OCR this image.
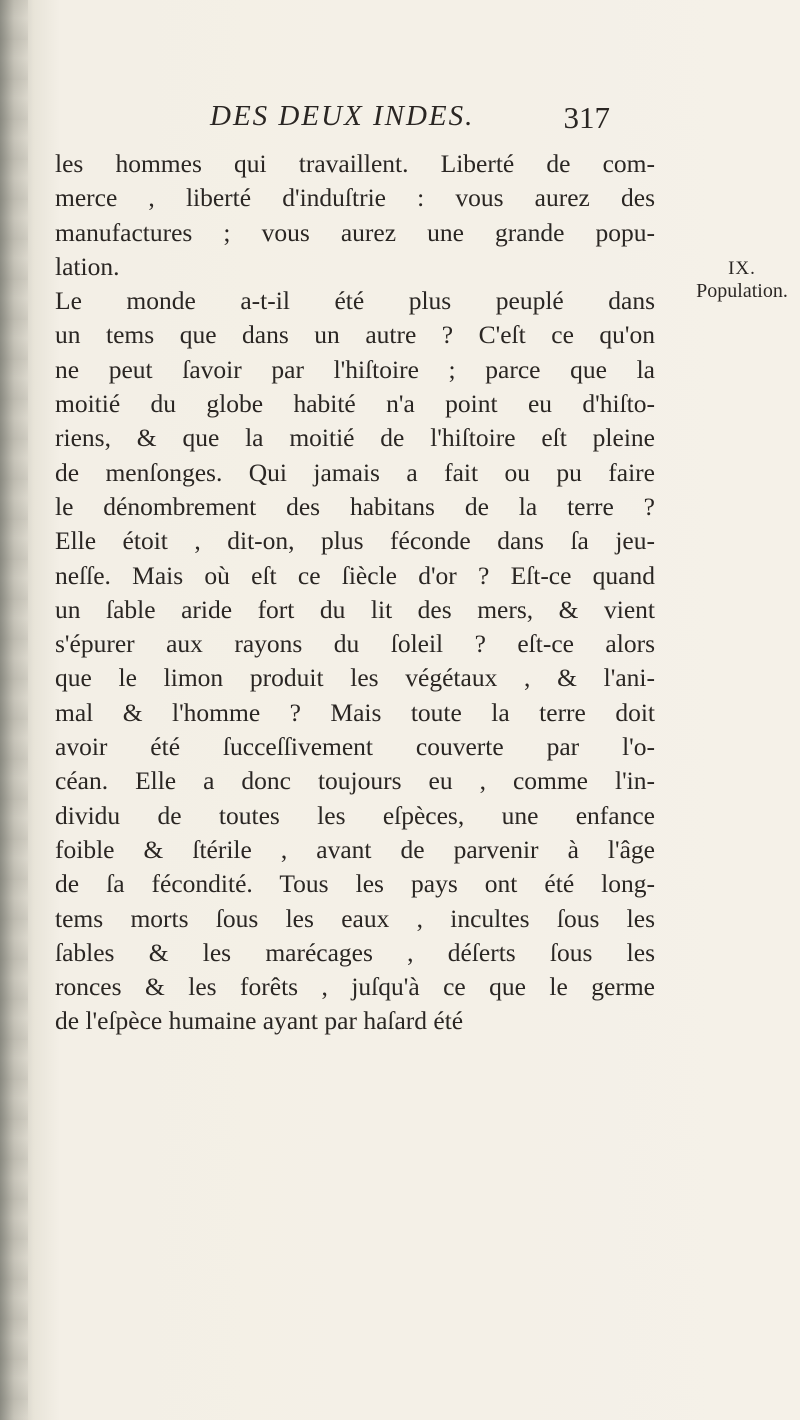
DES DEUX INDES.	317
IX.
Population.
les hommes qui travaillent. Liberté de com-
merce , liberté d'induſtrie : vous aurez des
manufactures ; vous aurez une grande popu-
lation.
Le monde a-t-il été plus peuplé dans
un tems que dans un autre ? C'eſt ce qu'on
ne peut ſavoir par l'hiſtoire ; parce que la
moitié du globe habité n'a point eu d'hiſto-
riens, & que la moitié de l'hiſtoire eſt pleine
de menſonges. Qui jamais a fait ou pu faire
le dénombrement des habitans de la terre ?
Elle étoit , dit-on, plus féconde dans ſa jeu-
neſſe. Mais où eſt ce ſiècle d'or ? Eſt-ce quand
un ſable aride fort du lit des mers, & vient
s'épurer aux rayons du ſoleil ? eſt-ce alors
que le limon produit les végétaux , & l'ani-
mal & l'homme ? Mais toute la terre doit
avoir été ſucceſſivement couverte par l'o-
céan. Elle a donc toujours eu , comme l'in-
dividu de toutes les eſpèces, une enfance
foible & ſtérile , avant de parvenir à l'âge
de ſa fécondité. Tous les pays ont été long-
tems morts ſous les eaux , incultes ſous les
ſables & les marécages , déſerts ſous les
ronces & les forêts , juſqu'à ce que le germe
de l'eſpèce humaine ayant par haſard été
